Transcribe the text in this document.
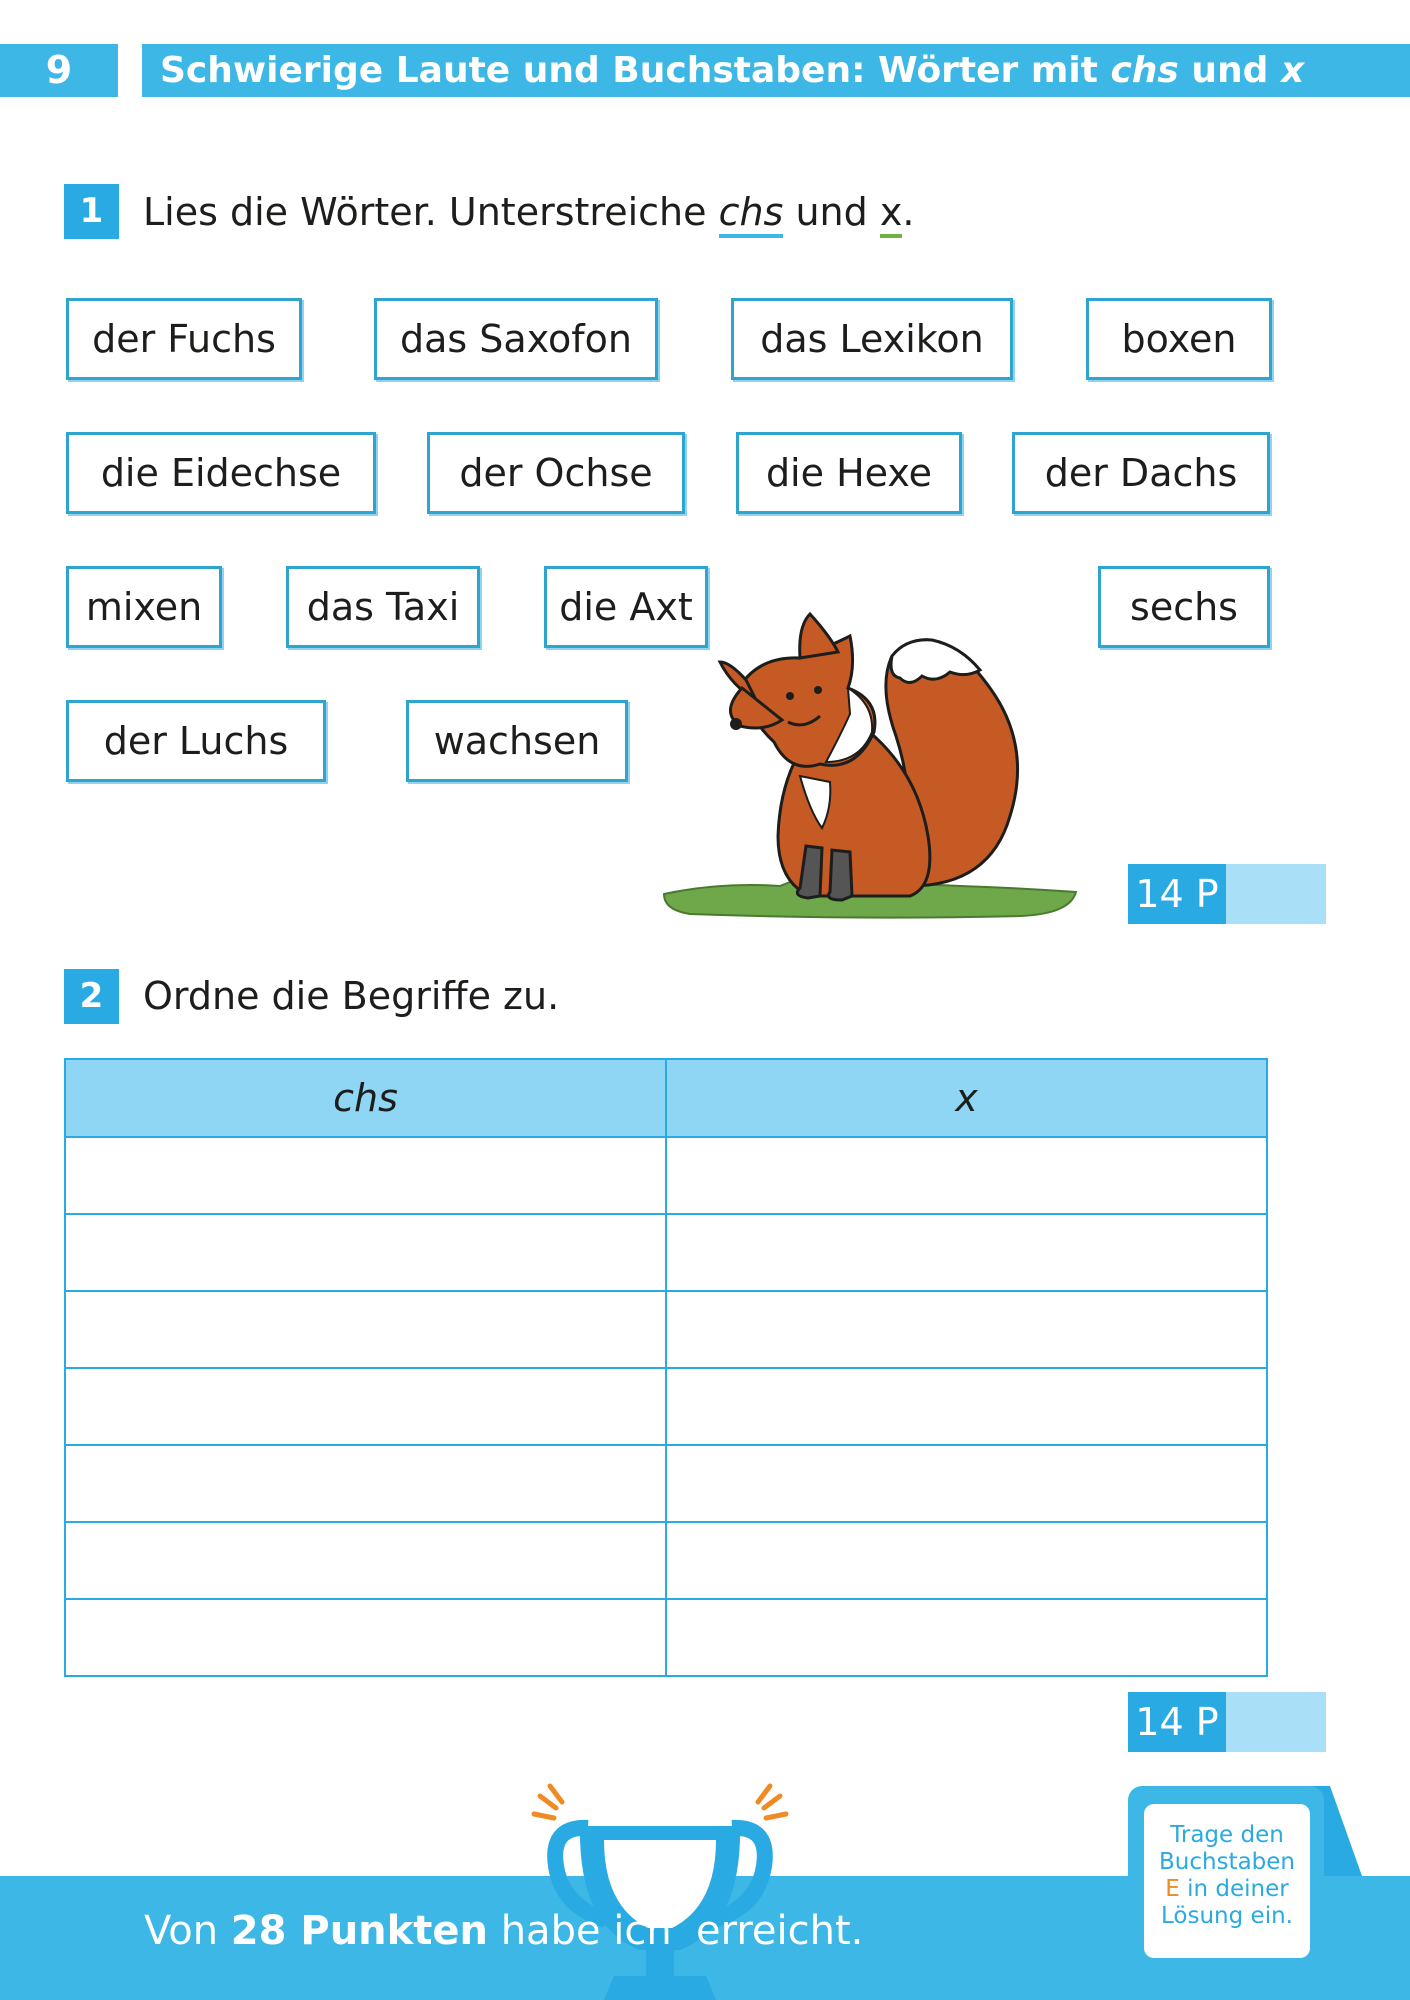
9	Schwierige Laute und Buchstaben: Wörter mit chs und x
1	Lies die Wörter. Unterstreiche chs und x.
der Fuchs	das Saxofon	das Lexikon	boxen
die Eidechse	der Ochse	die Hexe	der Dachs
mixen	das Taxi	die Axt	sechs
der Luchs	wachsen
14 P
2	Ordne die Begriffe zu.
chs	x

14 P
Trage den
Buchstaben
E in deiner
Lösung ein.
Punkte
Von 28 Punkten habe ich erreicht.
